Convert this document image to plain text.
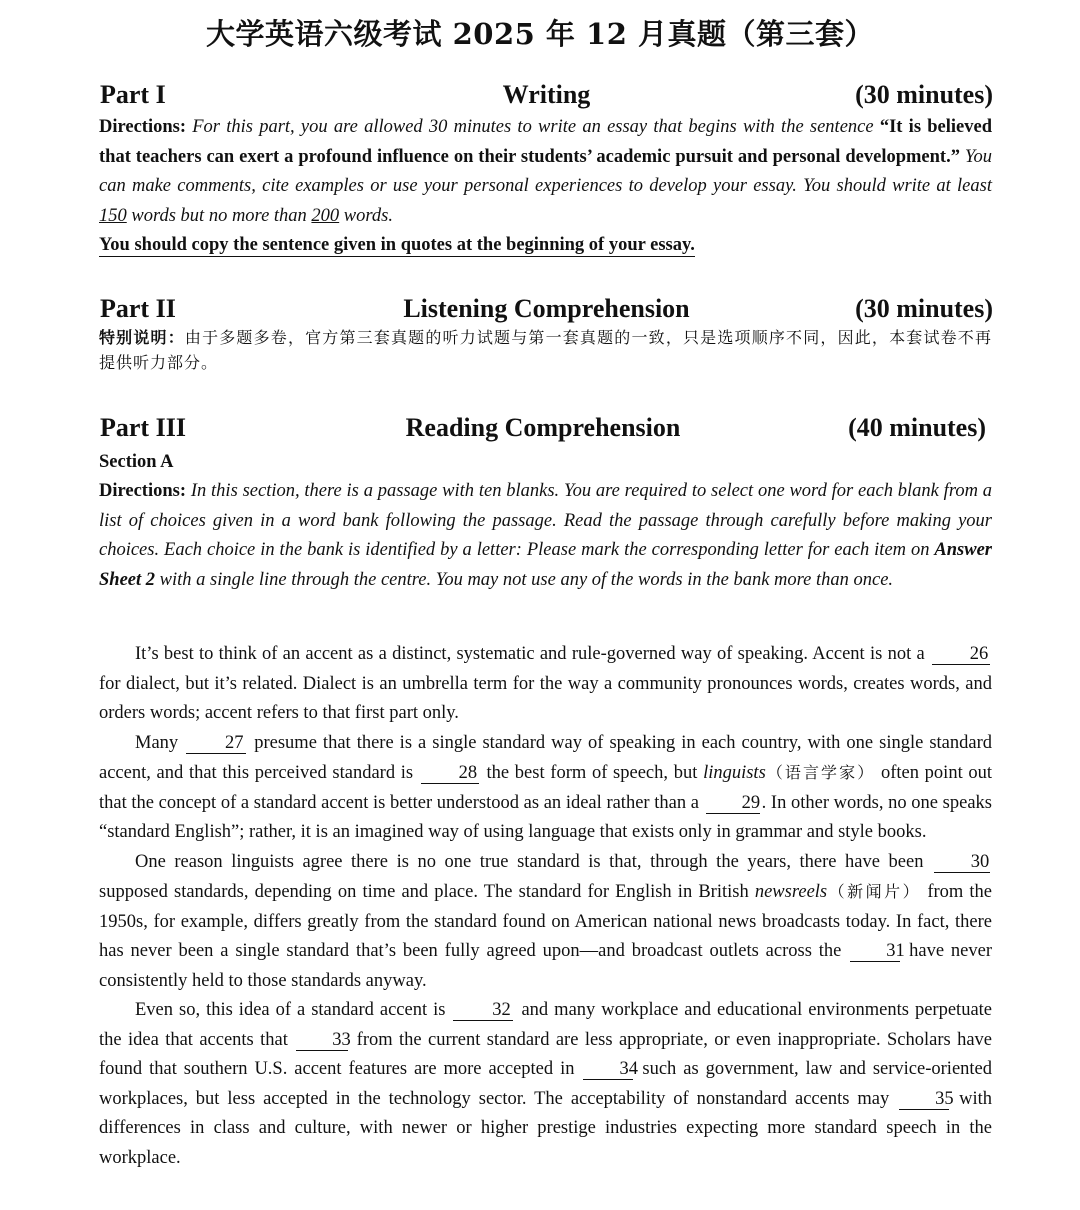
大学英语六级考试 2025 年 12 月真题（第三套）
Part I	Writing	(30 minutes)
Directions: For this part, you are allowed 30 minutes to write an essay that begins with the sentence “It is believed that teachers can exert a profound influence on their students’ academic pursuit and personal development.” You can make comments, cite examples or use your personal experiences to develop your essay. You should write at least 150 words but no more than 200 words.
You should copy the sentence given in quotes at the beginning of your essay.
Part II	Listening Comprehension	(30 minutes)
特别说明：由于多题多卷，官方第三套真题的听力试题与第一套真题的一致，只是选项顺序不同，因此，本套试卷不再提供听力部分。
Part III	Reading Comprehension	(40 minutes)
Section A
Directions: In this section, there is a passage with ten blanks. You are required to select one word for each blank from a list of choices given in a word bank following the passage. Read the passage through carefully before making your choices. Each choice in the bank is identified by a letter: Please mark the corresponding letter for each item on Answer Sheet 2 with a single line through the centre. You may not use any of the words in the bank more than once.

It’s best to think of an accent as a distinct, systematic and rule-governed way of speaking. Accent is not a 26 for dialect, but it’s related. Dialect is an umbrella term for the way a community pronounces words, creates words, and orders words; accent refers to that first part only.

Many	27 presume that there is a single standard way of speaking in each country, with one single standard accent, and that this perceived standard is 28 the best form of speech, but linguists（语言学家） often point out that the concept of a standard accent is better understood as an ideal rather than a 29. In other words, no one speaks “standard English”; rather, it is an imagined way of using language that exists only in grammar and style books.

One reason linguists agree there is no one true standard is that, through the years, there have been	30 supposed standards, depending on time and place. The standard for English in British newsreels（新闻片） from the 1950s, for example, differs greatly from the standard found on American national news broadcasts today. In fact, there has never been a single standard that’s been fully agreed upon—and broadcast outlets across the 31 have never consistently held to those standards anyway.

Even so, this idea of a standard accent is	32 and many workplace and educational environments perpetuate the idea that accents that 33 from the current standard are less appropriate, or even inappropriate. Scholars have found that southern U.S. accent features are more accepted in 34 such as government, law and service-oriented workplaces, but less accepted in the technology sector. The acceptability of nonstandard accents may 35 with differences in class and culture, with newer or higher prestige industries expecting more standard speech in the workplace.
